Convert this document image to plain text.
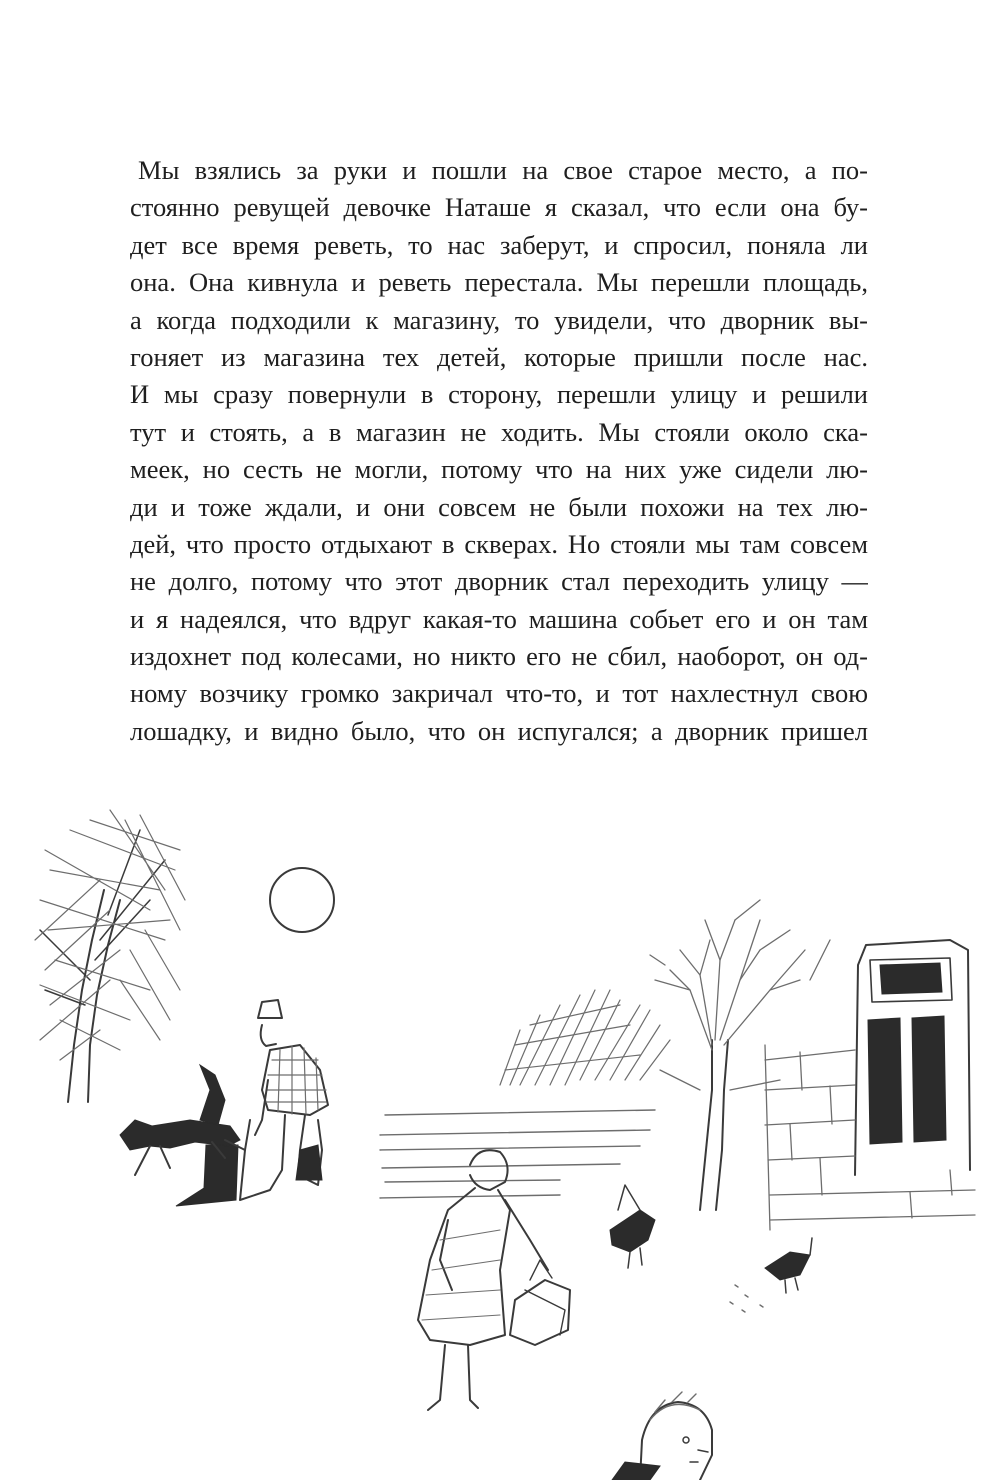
Мы взялись за руки и пошли на свое старое место, а по-
стоянно ревущей девочке Наташе я сказал, что если она бу-
дет все время реветь, то нас заберут, и спросил, поняла ли
она. Она кивнула и реветь перестала. Мы перешли площадь,
а когда подходили к магазину, то увидели, что дворник вы-
гоняет из магазина тех детей, которые пришли после нас.
И мы сразу повернули в сторону, перешли улицу и решили
тут и стоять, а в магазин не ходить. Мы стояли около ска-
меек, но сесть не могли, потому что на них уже сидели лю-
ди и тоже ждали, и они совсем не были похожи на тех лю-
дей, что просто отдыхают в скверах. Но стояли мы там совсем
не долго, потому что этот дворник стал переходить улицу —
и я надеялся, что вдруг какая-то машина собьет его и он там
издохнет под колесами, но никто его не сбил, наоборот, он од-
ному возчику громко закричал что-то, и тот нахлестнул свою
лошадку, и видно было, что он испугался; а дворник пришел
